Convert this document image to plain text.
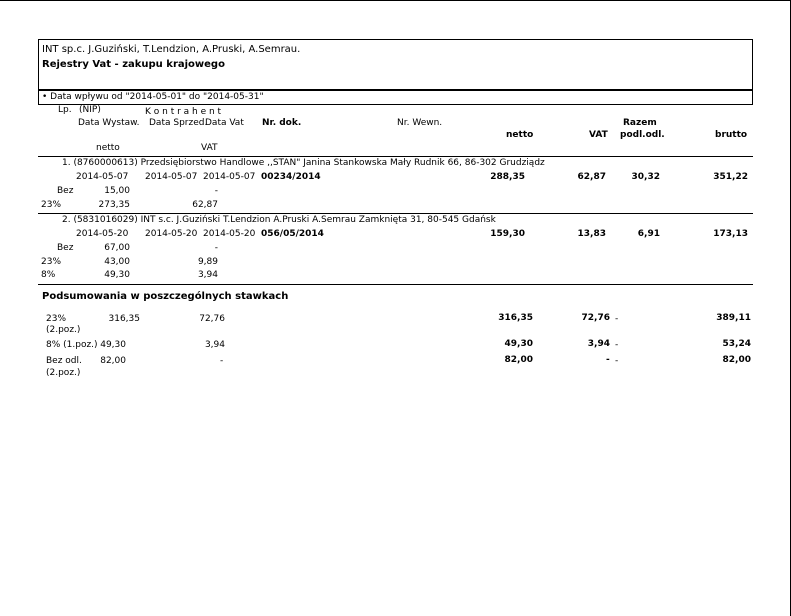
INT sp.c. J.Guziński, T.Lendzion, A.Pruski, A.Semrau.
Rejestry Vat - zakupu krajowego
• Data wpływu od "2014-05-01" do "2014-05-31"
Lp. (NIP)	K o n t r a h e n t
Data Wystaw. Data Sprzed.
Data Vat Nr. dok.	Nr. Wewn.	Razem
netto	VAT podl.odl.	brutto
netto	VAT
1. (8760000613) Przedsiębiorstwo Handlowe ,,STAN" Janina Stankowska Mały Rudnik 66, 86-302 Grudziądz
2014-05-07 2014-05-07 2014-05-07 00234/2014	288,35	62,87	30,32	351,22
Bez	15,00	-
23%	273,35	62,87
2. (5831016029) INT s.c. J.Guziński T.Lendzion A.Pruski A.Semrau Zamknięta 31, 80-545 Gdańsk
2014-05-20 2014-05-20 2014-05-20 056/05/2014	159,30	13,83	6,91	173,13
Bez	67,00	-
23%	43,00	9,89
8%	49,30	3,94
Podsumowania w poszczególnych stawkach
23%
(2.poz.)
316,35	72,76	316,35	72,76 -	389,11
8% (1.poz.) 49,30	3,94	49,30	3,94 -	53,24
Bez odl.
(2.poz.)
82,00	-	82,00	- -	82,00
